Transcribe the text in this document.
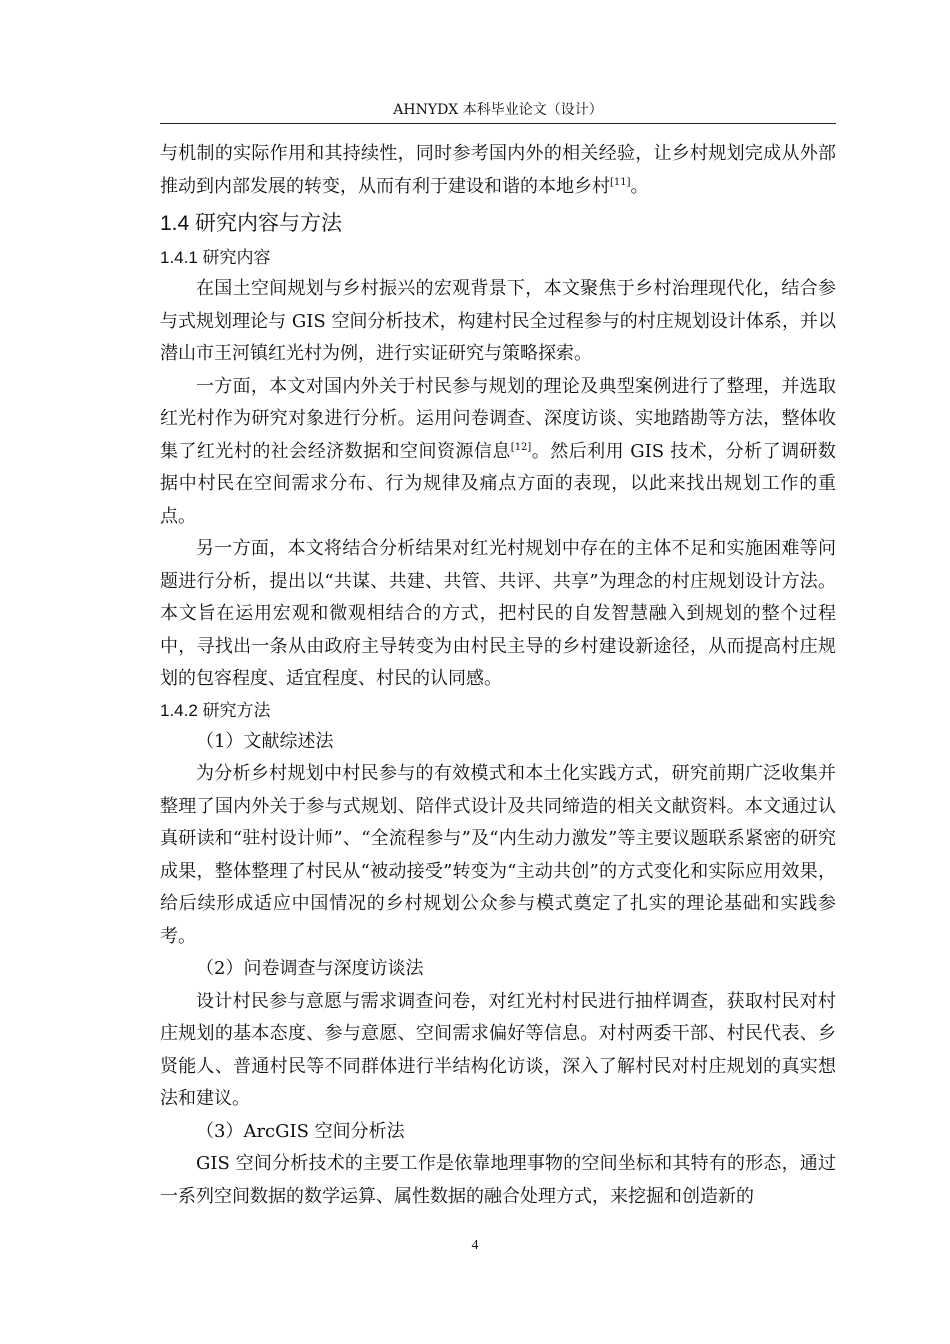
AHNYDX 本科毕业论文（设计）

与机制的实际作用和其持续性，同时参考国内外的相关经验，让乡村规划完成从外部推动到内部发展的转变，从而有利于建设和谐的本地乡村[11]。

1.4 研究内容与方法
1.4.1 研究内容

在国土空间规划与乡村振兴的宏观背景下，本文聚焦于乡村治理现代化，结合参与式规划理论与 GIS 空间分析技术，构建村民全过程参与的村庄规划设计体系，并以潜山市王河镇红光村为例，进行实证研究与策略探索。

一方面，本文对国内外关于村民参与规划的理论及典型案例进行了整理，并选取红光村作为研究对象进行分析。运用问卷调查、深度访谈、实地踏勘等方法，整体收集了红光村的社会经济数据和空间资源信息[12]。然后利用 GIS 技术，分析了调研数据中村民在空间需求分布、行为规律及痛点方面的表现，以此来找出规划工作的重点。

另一方面，本文将结合分析结果对红光村规划中存在的主体不足和实施困难等问题进行分析，提出以“共谋、共建、共管、共评、共享”为理念的村庄规划设计方法。本文旨在运用宏观和微观相结合的方式，把村民的自发智慧融入到规划的整个过程中，寻找出一条从由政府主导转变为由村民主导的乡村建设新途径，从而提高村庄规划的包容程度、适宜程度、村民的认同感。

1.4.2 研究方法

（1）文献综述法

为分析乡村规划中村民参与的有效模式和本土化实践方式，研究前期广泛收集并整理了国内外关于参与式规划、陪伴式设计及共同缔造的相关文献资料。本文通过认真研读和“驻村设计师”、“全流程参与”及“内生动力激发”等主要议题联系紧密的研究成果，整体整理了村民从“被动接受”转变为“主动共创”的方式变化和实际应用效果，给后续形成适应中国情况的乡村规划公众参与模式奠定了扎实的理论基础和实践参考。

（2）问卷调查与深度访谈法

设计村民参与意愿与需求调查问卷，对红光村村民进行抽样调查，获取村民对村庄规划的基本态度、参与意愿、空间需求偏好等信息。对村两委干部、村民代表、乡贤能人、普通村民等不同群体进行半结构化访谈，深入了解村民对村庄规划的真实想法和建议。

（3）ArcGIS 空间分析法

GIS 空间分析技术的主要工作是依靠地理事物的空间坐标和其特有的形态，通过一系列空间数据的数学运算、属性数据的融合处理方式，来挖掘和创造新的

4
